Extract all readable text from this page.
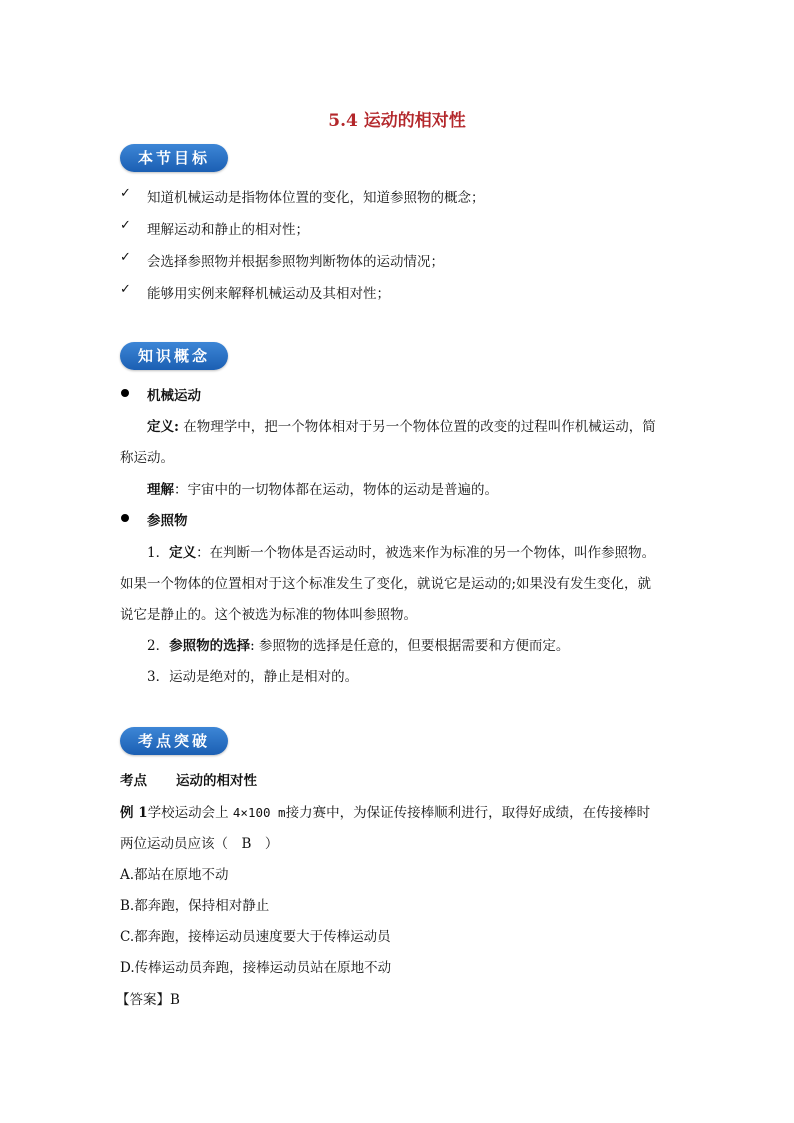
5.4 运动的相对性
本节目标
✓ 知道机械运动是指物体位置的变化，知道参照物的概念；
✓ 理解运动和静止的相对性；
✓ 会选择参照物并根据参照物判断物体的运动情况；
✓ 能够用实例来解释机械运动及其相对性；
知识概念
机械运动
定义: 在物理学中，把一个物体相对于另一个物体位置的改变的过程叫作机械运动，简
称运动。
理解：宇宙中的一切物体都在运动，物体的运动是普遍的。
参照物
1．定义：在判断一个物体是否运动时，被选来作为标准的另一个物体，叫作参照物。
如果一个物体的位置相对于这个标准发生了变化，就说它是运动的;如果没有发生变化，就
说它是静止的。这个被选为标准的物体叫参照物。
2．参照物的选择: 参照物的选择是任意的，但要根据需要和方便而定。
3．运动是绝对的，静止是相对的。
考点突破
考点 运动的相对性
例 1学校运动会上 4×100 m接力赛中，为保证传接棒顺利进行，取得好成绩，在传接棒时
两位运动员应该（　B　）
A.都站在原地不动
B.都奔跑，保持相对静止
C.都奔跑，接棒运动员速度要大于传棒运动员
D.传棒运动员奔跑，接棒运动员站在原地不动
【答案】B
